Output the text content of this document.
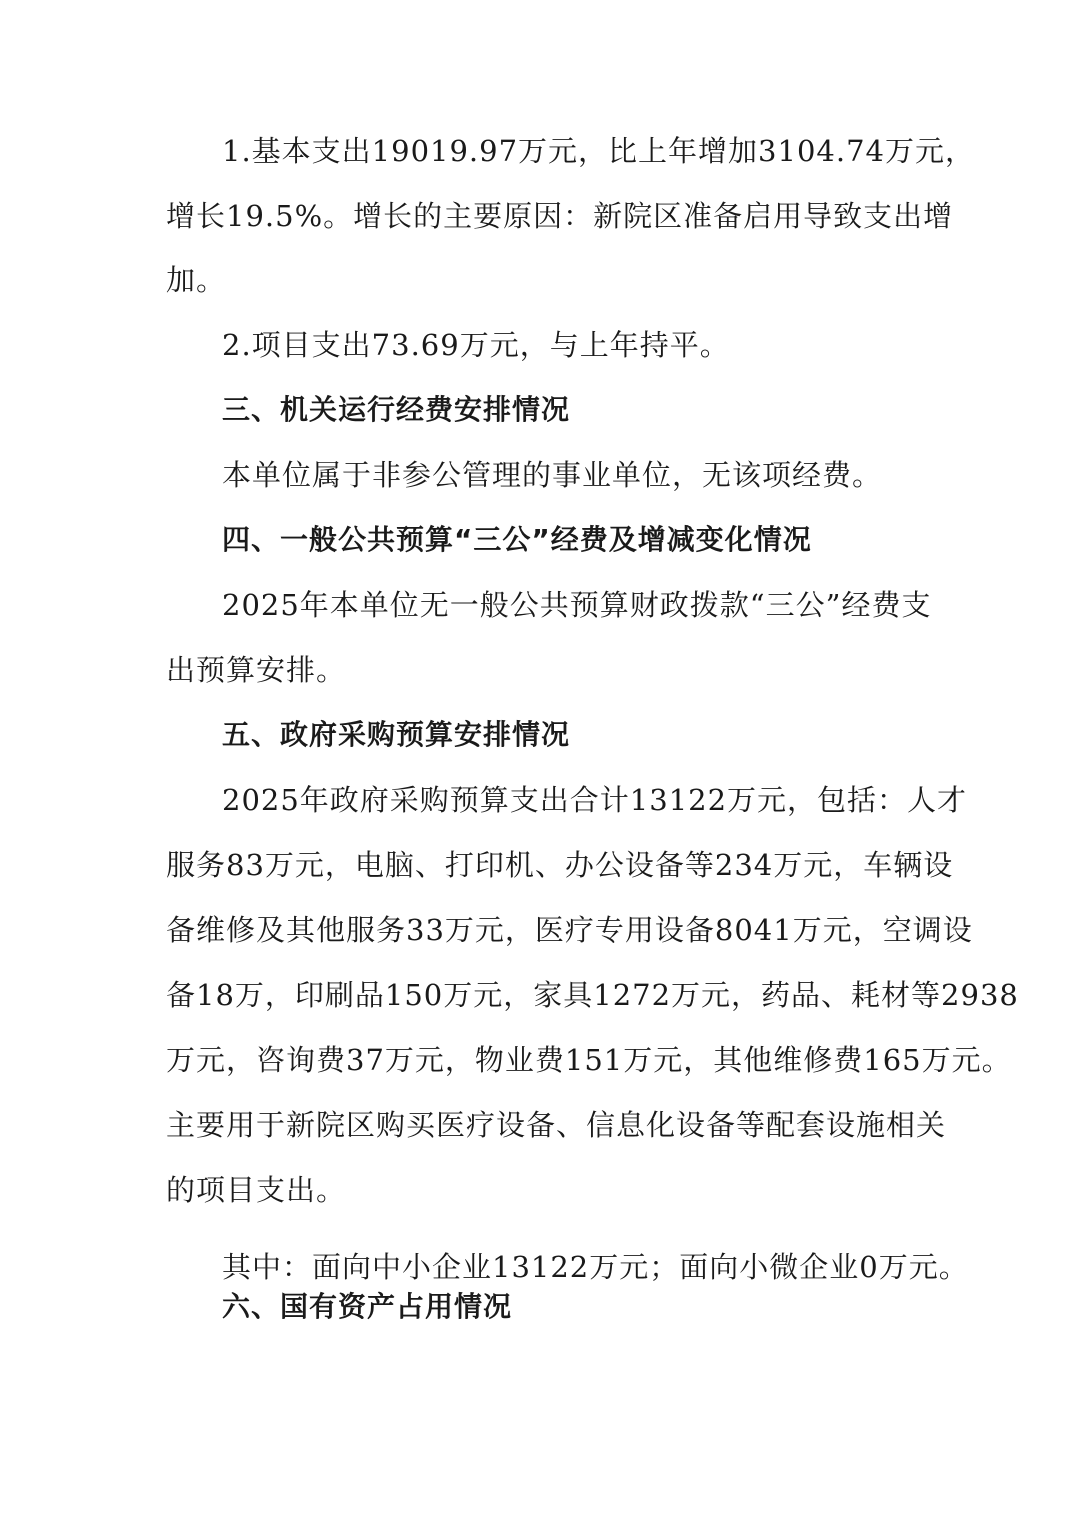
1.基本支出19019.97万元，比上年增加3104.74万元，
增长19.5%。增长的主要原因：新院区准备启用导致支出增
加。
2.项目支出73.69万元，与上年持平。
三、机关运行经费安排情况
本单位属于非参公管理的事业单位，无该项经费。
四、一般公共预算“三公”经费及增减变化情况
2025年本单位无一般公共预算财政拨款“三公”经费支
出预算安排。
五、政府采购预算安排情况
2025年政府采购预算支出合计13122万元，包括：人才
服务83万元，电脑、打印机、办公设备等234万元，车辆设
备维修及其他服务33万元，医疗专用设备8041万元，空调设
备18万，印刷品150万元，家具1272万元，药品、耗材等2938
万元，咨询费37万元，物业费151万元，其他维修费165万元。
主要用于新院区购买医疗设备、信息化设备等配套设施相关
的项目支出。
其中：面向中小企业13122万元；面向小微企业0万元。
六、国有资产占用情况
